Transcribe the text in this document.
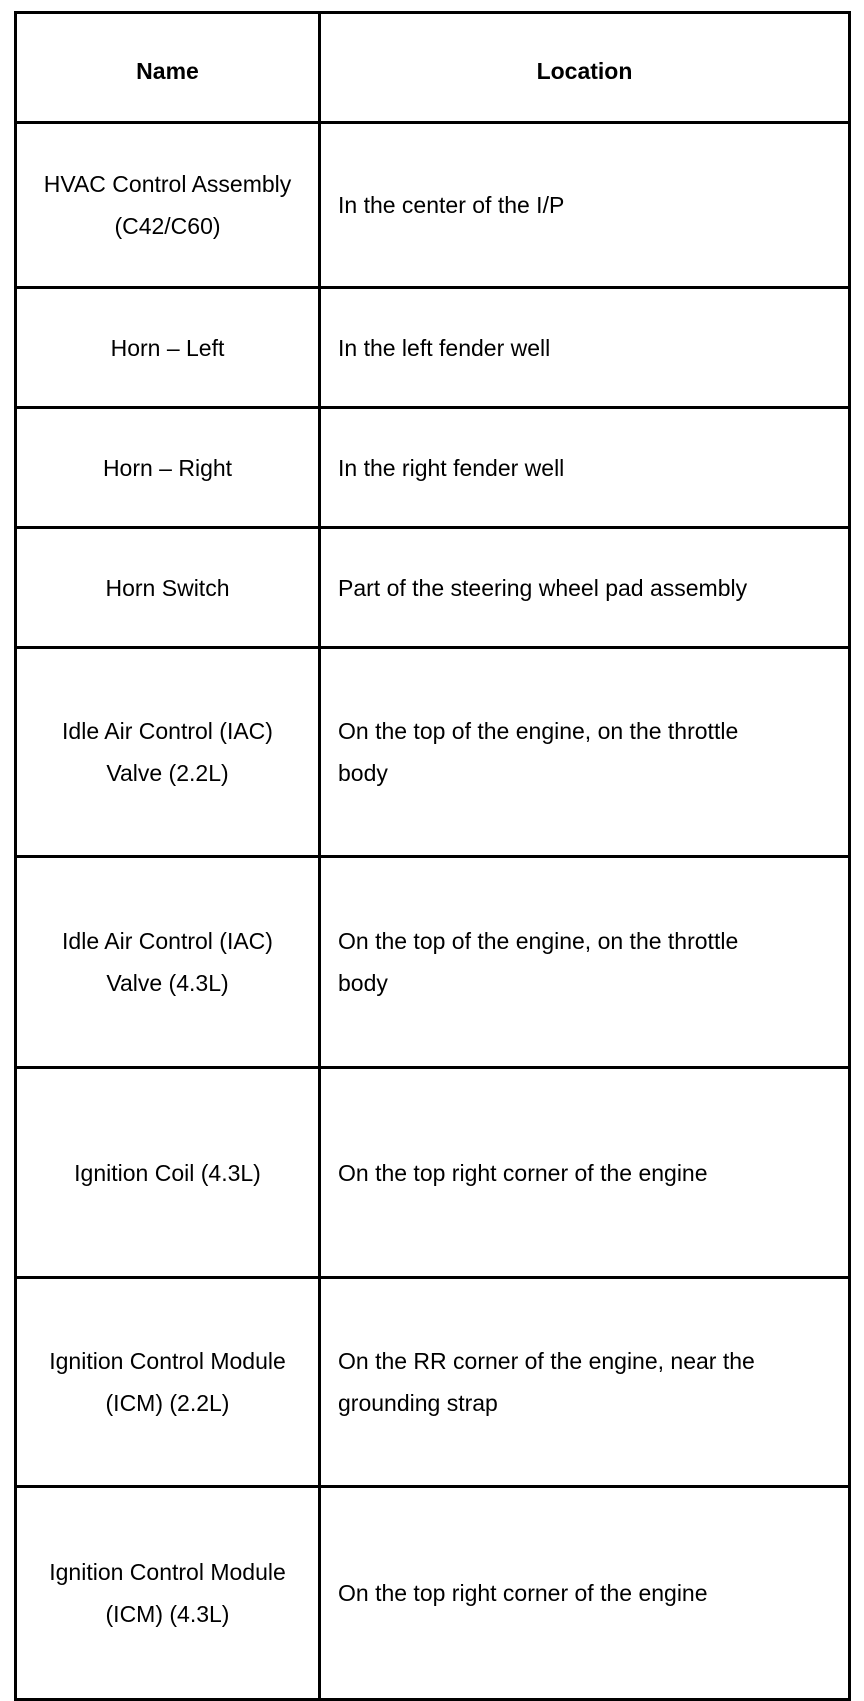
Name	Location

HVAC Control Assembly (C42/C60)	In the center of the I/P

Horn – Left	In the left fender well

Horn – Right	In the right fender well

Horn Switch	Part of the steering wheel pad assembly

Idle Air Control (IAC) Valve (2.2L)	On the top of the engine, on the throttle body

Idle Air Control (IAC) Valve (4.3L)	On the top of the engine, on the throttle body

Ignition Coil (4.3L)	On the top right corner of the engine

Ignition Control Module (ICM) (2.2L)	On the RR corner of the engine, near the grounding strap

Ignition Control Module (ICM) (4.3L)	On the top right corner of the engine
